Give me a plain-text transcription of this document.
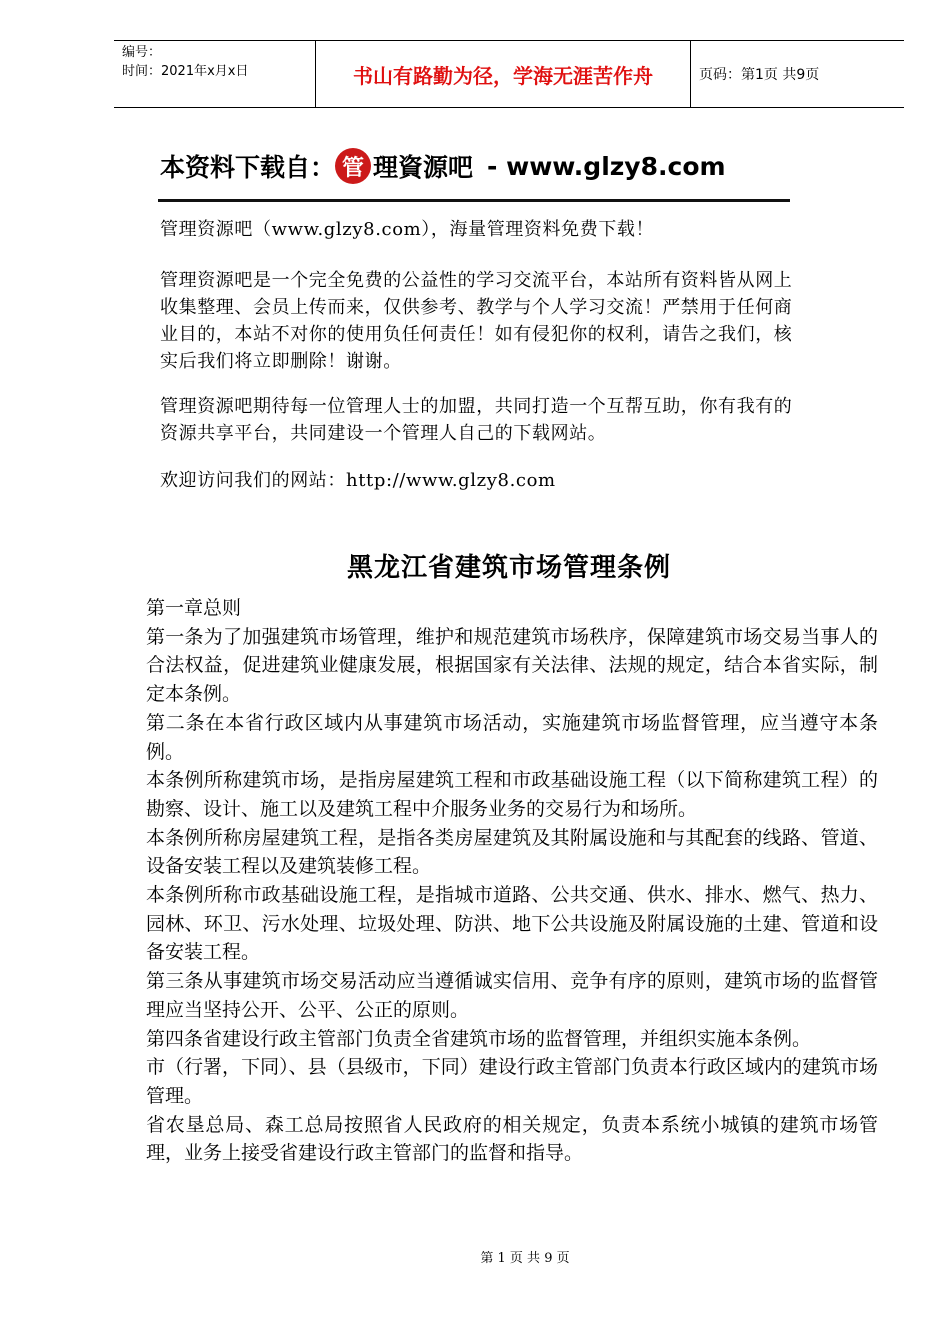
编号：
时间：2021年x月x日	书山有路勤为径，学海无涯苦作舟	页码：第1页 共9页
本资料下载自： 管 理資源吧 - www.glzy8.com

管理资源吧（www.glzy8.com），海量管理资料免费下载！

管理资源吧是一个完全免费的公益性的学习交流平台，本站所有资料皆从网上收集整理、会员上传而来，仅供参考、教学与个人学习交流！严禁用于任何商业目的，本站不对你的使用负任何责任！如有侵犯你的权利，请告之我们，核实后我们将立即删除！谢谢。

管理资源吧期待每一位管理人士的加盟，共同打造一个互帮互助，你有我有的资源共享平台，共同建设一个管理人自己的下载网站。

欢迎访问我们的网站：http://www.glzy8.com

黑龙江省建筑市场管理条例

第一章总则

第一条为了加强建筑市场管理，维护和规范建筑市场秩序，保障建筑市场交易当事人的合法权益，促进建筑业健康发展，根据国家有关法律、法规的规定，结合本省实际，制定本条例。

第二条在本省行政区域内从事建筑市场活动，实施建筑市场监督管理，应当遵守本条例。

本条例所称建筑市场，是指房屋建筑工程和市政基础设施工程（以下简称建筑工程）的勘察、设计、施工以及建筑工程中介服务业务的交易行为和场所。

本条例所称房屋建筑工程，是指各类房屋建筑及其附属设施和与其配套的线路、管道、设备安装工程以及建筑装修工程。

本条例所称市政基础设施工程，是指城市道路、公共交通、供水、排水、燃气、热力、园林、环卫、污水处理、垃圾处理、防洪、地下公共设施及附属设施的土建、管道和设备安装工程。

第三条从事建筑市场交易活动应当遵循诚实信用、竞争有序的原则，建筑市场的监督管理应当坚持公开、公平、公正的原则。

第四条省建设行政主管部门负责全省建筑市场的监督管理，并组织实施本条例。

市（行署，下同）、县（县级市，下同）建设行政主管部门负责本行政区域内的建筑市场管理。

省农垦总局、森工总局按照省人民政府的相关规定，负责本系统小城镇的建筑市场管理，业务上接受省建设行政主管部门的监督和指导。

第 1 页 共 9 页
